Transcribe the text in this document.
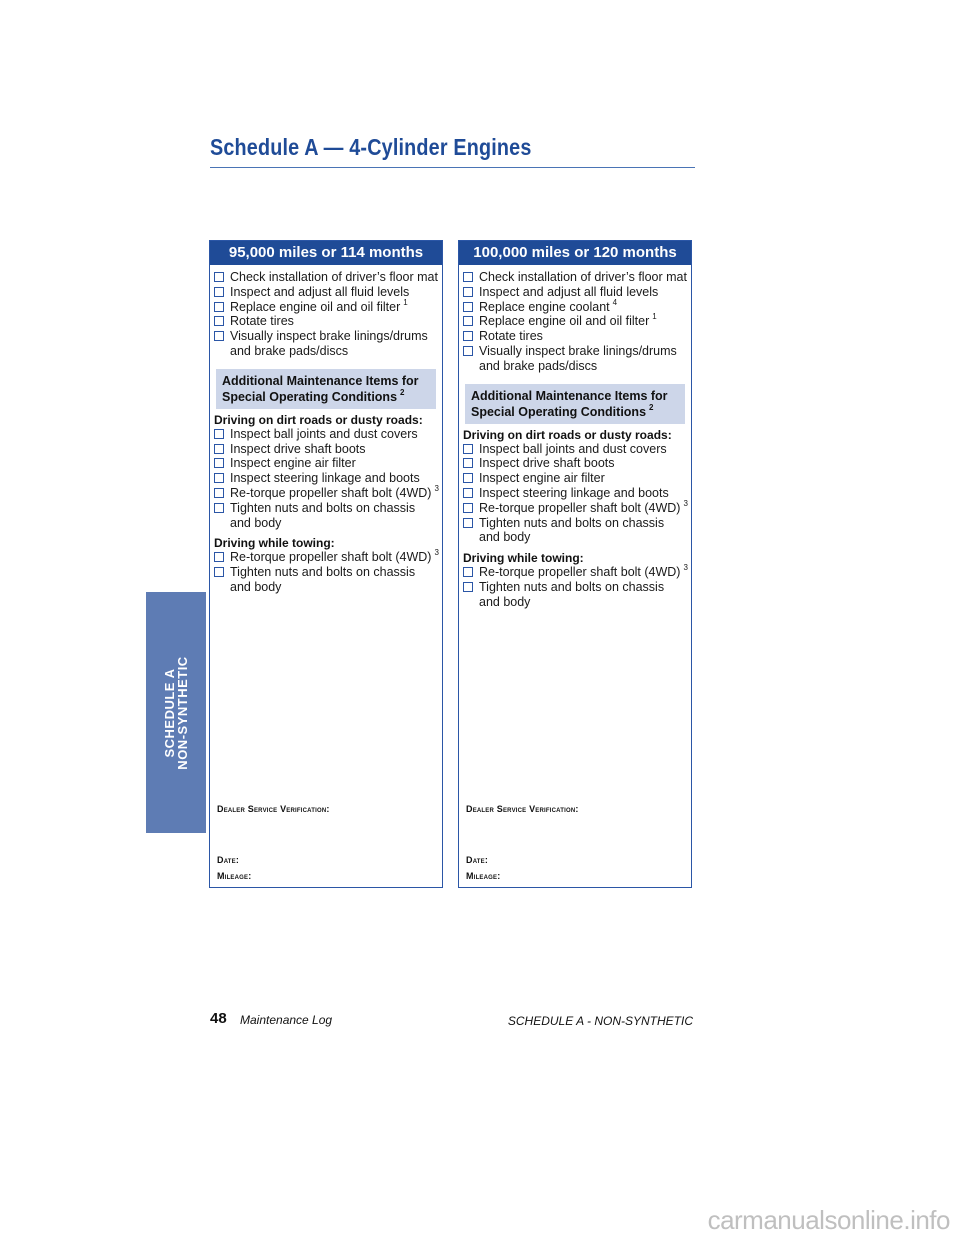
Schedule A — 4-Cylinder Engines
SCHEDULE A
NON-SYNTHETIC
95,000 miles or 114 months
Check installation of driver’s floor mat
Inspect and adjust all fluid levels
Replace engine oil and oil filter $^1$
Rotate tires
Visually inspect brake linings/drums and brake pads/discs
Additional Maintenance Items for
Special Operating Conditions $^2$
Driving on dirt roads or dusty roads:
Inspect ball joints and dust covers
Inspect drive shaft boots
Inspect engine air filter
Inspect steering linkage and boots
Re-torque propeller shaft bolt (4WD) $^3$
Tighten nuts and bolts on chassis and body
Driving while towing:
Re-torque propeller shaft bolt (4WD) $^3$
Tighten nuts and bolts on chassis and body
Dealer Service Verification:
Date:
Mileage:
100,000 miles or 120 months
Check installation of driver’s floor mat
Inspect and adjust all fluid levels
Replace engine coolant $^4$
Replace engine oil and oil filter $^1$
Rotate tires
Visually inspect brake linings/drums and brake pads/discs
Additional Maintenance Items for
Special Operating Conditions $^2$
Driving on dirt roads or dusty roads:
Inspect ball joints and dust covers
Inspect drive shaft boots
Inspect engine air filter
Inspect steering linkage and boots
Re-torque propeller shaft bolt (4WD) $^3$
Tighten nuts and bolts on chassis and body
Driving while towing:
Re-torque propeller shaft bolt (4WD) $^3$
Tighten nuts and bolts on chassis and body
Dealer Service Verification:
Date:
Mileage:
48 Maintenance Log	SCHEDULE A - NON-SYNTHETIC
carmanualsonline.info
